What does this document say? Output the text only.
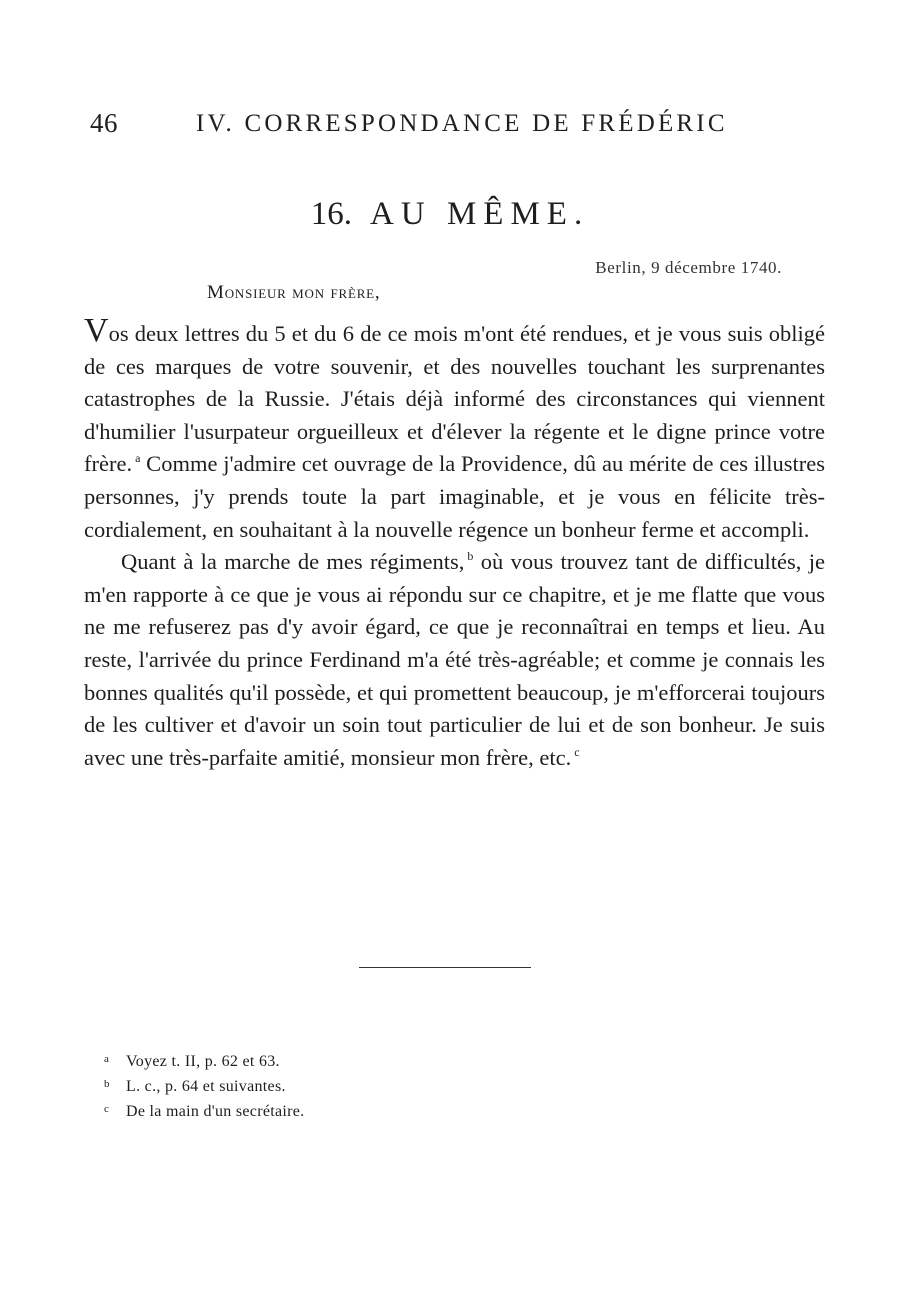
46	IV. CORRESPONDANCE DE FRÉDÉRIC
16. AU MÊME.
Berlin, 9 décembre 1740.
Monsieur mon frère,

Vos deux lettres du 5 et du 6 de ce mois m'ont été rendues, et je vous suis obligé de ces marques de votre souvenir, et des nouvelles touchant les surprenantes catastrophes de la Russie. J'étais déjà informé des circonstances qui viennent d'humilier l'usurpateur orgueilleux et d'élever la régente et le digne prince votre frère. $^a$ Comme j'admire cet ouvrage de la Providence, dû au mérite de ces illustres personnes, j'y prends toute la part imaginable, et je vous en félicite très-cordialement, en souhaitant à la nouvelle régence un bonheur ferme et accompli.

Quant à la marche de mes régiments, $^b$ où vous trouvez tant de difficultés, je m'en rapporte à ce que je vous ai répondu sur ce chapitre, et je me flatte que vous ne me refuserez pas d'y avoir égard, ce que je reconnaîtrai en temps et lieu. Au reste, l'arrivée du prince Ferdinand m'a été très-agréable; et comme je connais les bonnes qualités qu'il possède, et qui promettent beaucoup, je m'efforcerai toujours de les cultiver et d'avoir un soin tout particulier de lui et de son bonheur. Je suis avec une très-parfaite amitié, monsieur mon frère, etc. $^c$

a Voyez t. II, p. 62 et 63.
b L. c., p. 64 et suivantes.
c De la main d'un secrétaire.
